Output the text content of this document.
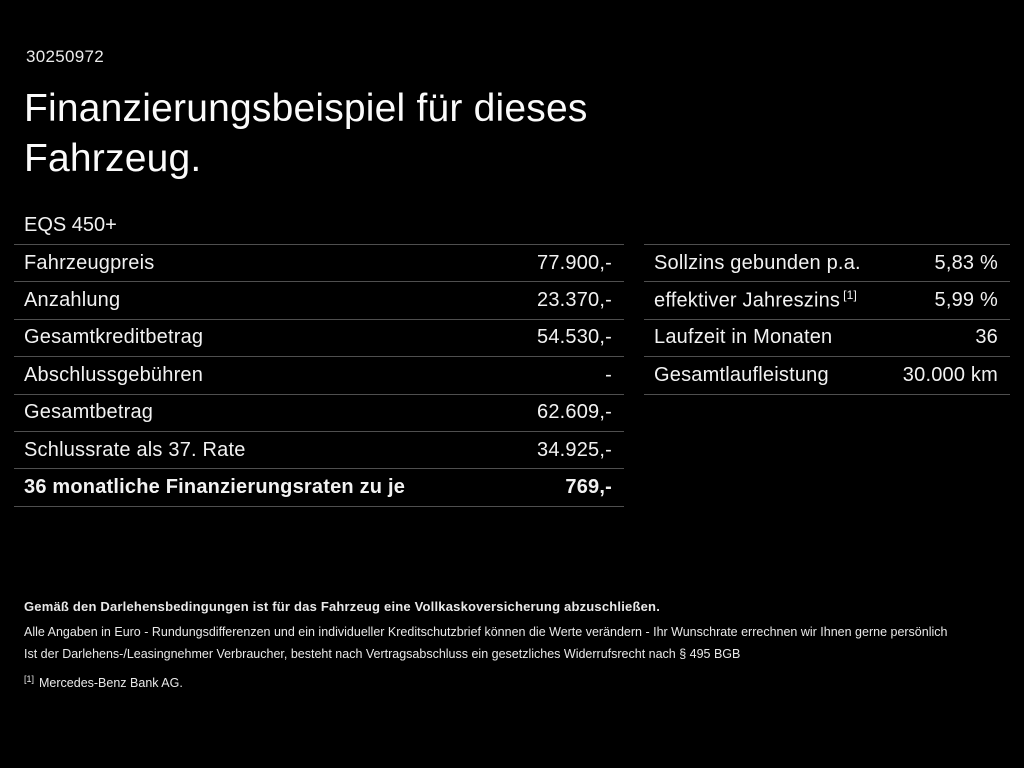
30250972
Finanzierungsbeispiel für dieses
Fahrzeug.
EQS 450+
Fahrzeugpreis	77.900,-
Anzahlung	23.370,-
Gesamtkreditbetrag	54.530,-
Abschlussgebühren	-
Gesamtbetrag	62.609,-
Schlussrate als 37. Rate	34.925,-
36 monatliche Finanzierungsraten zu je	769,-
Sollzins gebunden p.a.	5,83 %
effektiver Jahreszins [1]	5,99 %
Laufzeit in Monaten	36
Gesamtlaufleistung	30.000 km

Gemäß den Darlehensbedingungen ist für das Fahrzeug eine Vollkaskoversicherung abzuschließen.

Alle Angaben in Euro - Rundungsdifferenzen und ein individueller Kreditschutzbrief können die Werte verändern - Ihr Wunschrate errechnen wir Ihnen gerne persönlich

Ist der Darlehens-/Leasingnehmer Verbraucher, besteht nach Vertragsabschluss ein gesetzliches Widerrufsrecht nach § 495 BGB

[1] Mercedes-Benz Bank AG.
